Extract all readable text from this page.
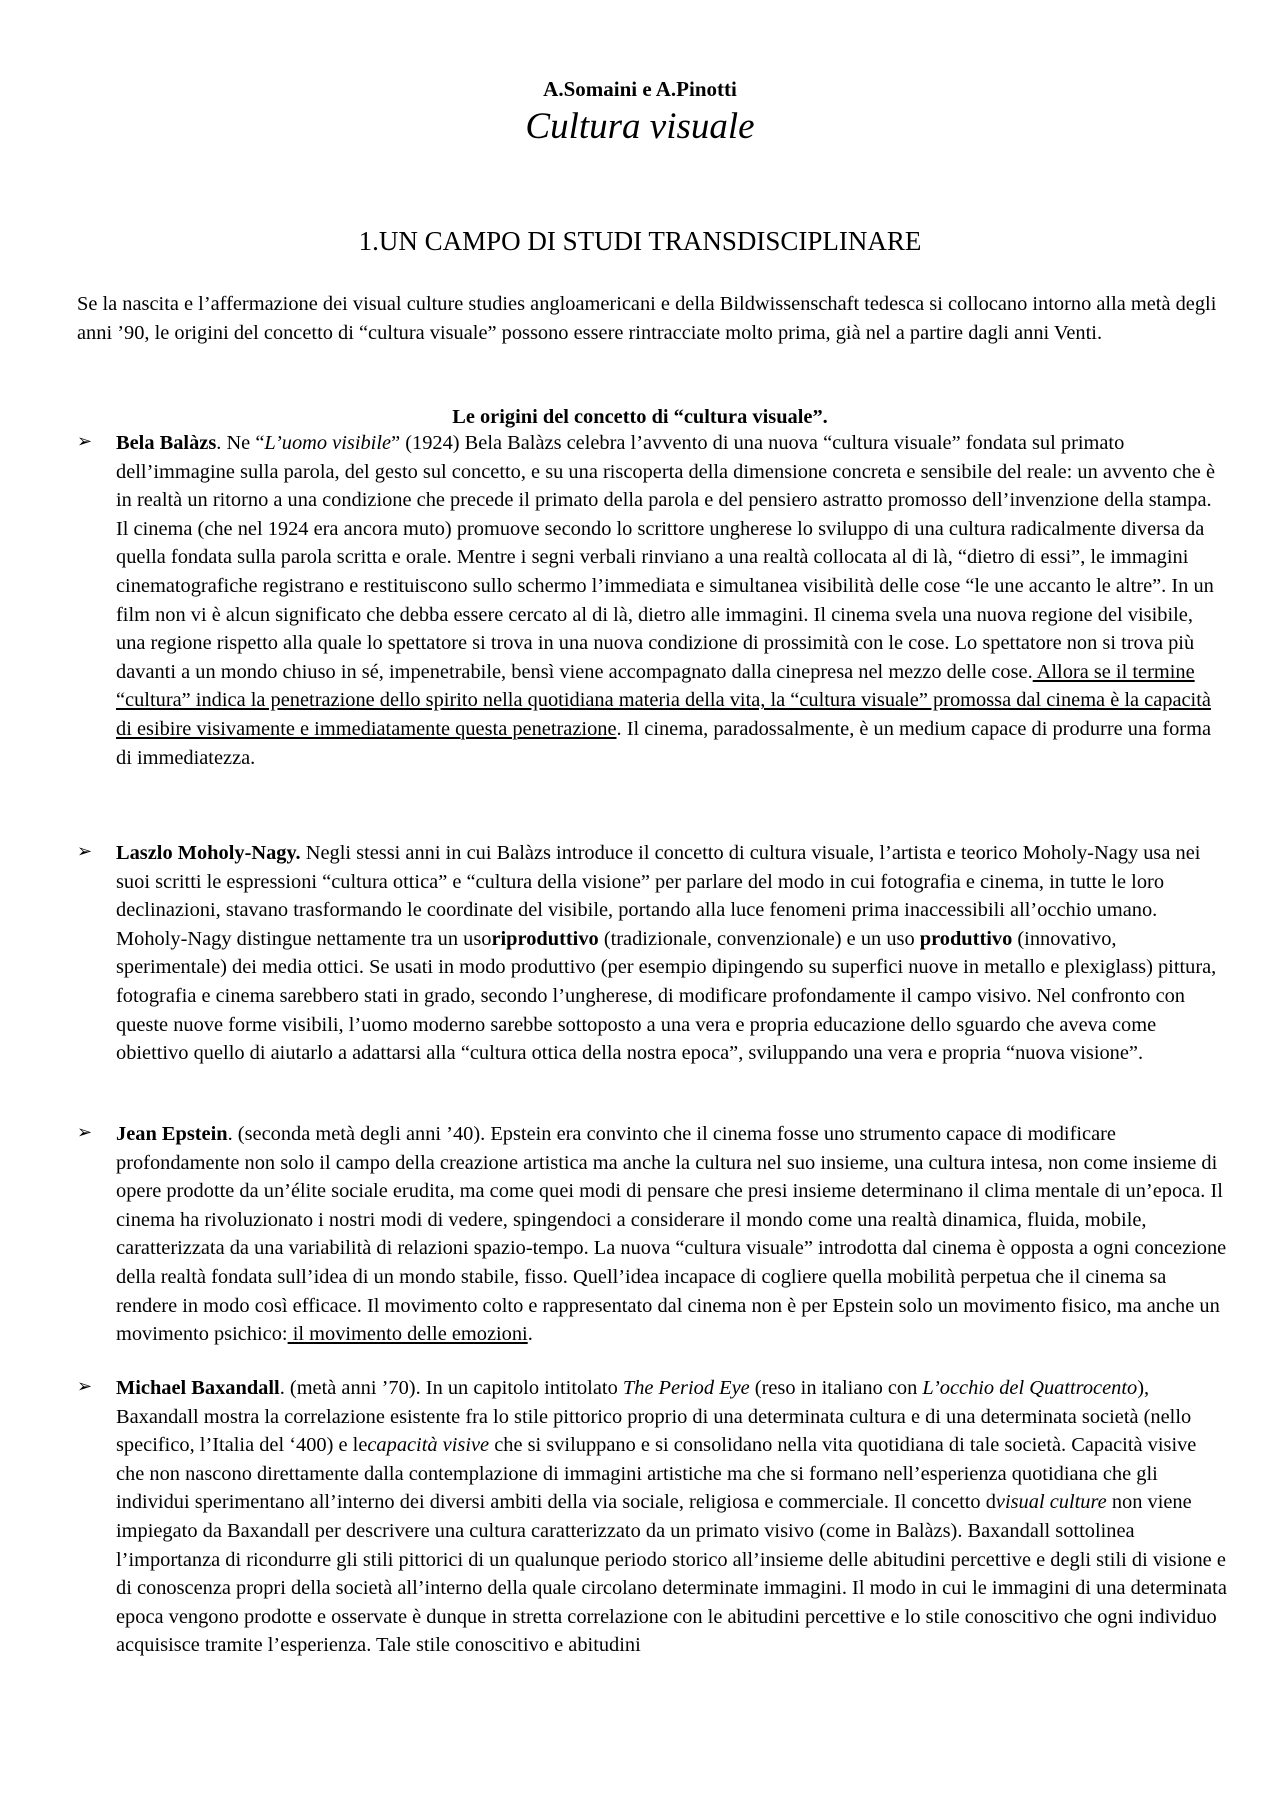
A.Somaini e A.Pinotti
Cultura visuale
1.UN CAMPO DI STUDI TRANSDISCIPLINARE
Se la nascita e l’affermazione dei visual culture studies angloamericani e della Bildwissenschaft tedesca si collocano intorno alla metà degli anni ’90, le origini del concetto di “cultura visuale” possono essere rintracciate molto prima, già nel a partire dagli anni Venti.
Le origini del concetto di “cultura visuale”.
➢ Bela Balàzs. Ne “L’uomo visibile” (1924) Bela Balàzs celebra l’avvento di una nuova “cultura visuale” fondata sul primato dell’immagine sulla parola, del gesto sul concetto, e su una riscoperta della dimensione concreta e sensibile del reale: un avvento che è in realtà un ritorno a una condizione che precede il primato della parola e del pensiero astratto promosso dell’invenzione della stampa. Il cinema (che nel 1924 era ancora muto) promuove secondo lo scrittore ungherese lo sviluppo di una cultura radicalmente diversa da quella fondata sulla parola scritta e orale. Mentre i segni verbali rinviano a una realtà collocata al di là, “dietro di essi”, le immagini cinematografiche registrano e restituiscono sullo schermo l’immediata e simultanea visibilità delle cose “le une accanto le altre”. In un film non vi è alcun significato che debba essere cercato al di là, dietro alle immagini. Il cinema svela una nuova regione del visibile, una regione rispetto alla quale lo spettatore si trova in una nuova condizione di prossimità con le cose. Lo spettatore non si trova più davanti a un mondo chiuso in sé, impenetrabile, bensì viene accompagnato dalla cinepresa nel mezzo delle cose. Allora se il termine “cultura” indica la penetrazione dello spirito nella quotidiana materia della vita, la “cultura visuale” promossa dal cinema è la capacità di esibire visivamente e immediatamente questa penetrazione. Il cinema, paradossalmente, è un medium capace di produrre una forma di immediatezza.
➢ Laszlo Moholy-Nagy. Negli stessi anni in cui Balàzs introduce il concetto di cultura visuale, l’artista e teorico Moholy-Nagy usa nei suoi scritti le espressioni “cultura ottica” e “cultura della visione” per parlare del modo in cui fotografia e cinema, in tutte le loro declinazioni, stavano trasformando le coordinate del visibile, portando alla luce fenomeni prima inaccessibili all’occhio umano. Moholy-Nagy distingue nettamente tra un usoriproduttivo (tradizionale, convenzionale) e un uso produttivo (innovativo, sperimentale) dei media ottici. Se usati in modo produttivo (per esempio dipingendo su superfici nuove in metallo e plexiglass) pittura, fotografia e cinema sarebbero stati in grado, secondo l’ungherese, di modificare profondamente il campo visivo. Nel confronto con queste nuove forme visibili, l’uomo moderno sarebbe sottoposto a una vera e propria educazione dello sguardo che aveva come obiettivo quello di aiutarlo a adattarsi alla “cultura ottica della nostra epoca”, sviluppando una vera e propria “nuova visione”.
➢ Jean Epstein. (seconda metà degli anni ’40). Epstein era convinto che il cinema fosse uno strumento capace di modificare profondamente non solo il campo della creazione artistica ma anche la cultura nel suo insieme, una cultura intesa, non come insieme di opere prodotte da un’élite sociale erudita, ma come quei modi di pensare che presi insieme determinano il clima mentale di un’epoca. Il cinema ha rivoluzionato i nostri modi di vedere, spingendoci a considerare il mondo come una realtà dinamica, fluida, mobile, caratterizzata da una variabilità di relazioni spazio-tempo. La nuova “cultura visuale” introdotta dal cinema è opposta a ogni concezione della realtà fondata sull’idea di un mondo stabile, fisso. Quell’idea incapace di cogliere quella mobilità perpetua che il cinema sa rendere in modo così efficace. Il movimento colto e rappresentato dal cinema non è per Epstein solo un movimento fisico, ma anche un movimento psichico: il movimento delle emozioni.
➢ Michael Baxandall. (metà anni ’70). In un capitolo intitolato The Period Eye (reso in italiano con L’occhio del Quattrocento), Baxandall mostra la correlazione esistente fra lo stile pittorico proprio di una determinata cultura e di una determinata società (nello specifico, l’Italia del ‘400) e lecapacità visive che si sviluppano e si consolidano nella vita quotidiana di tale società. Capacità visive che non nascono direttamente dalla contemplazione di immagini artistiche ma che si formano nell’esperienza quotidiana che gli individui sperimentano all’interno dei diversi ambiti della via sociale, religiosa e commerciale. Il concetto dvisual culture non viene impiegato da Baxandall per descrivere una cultura caratterizzato da un primato visivo (come in Balàzs). Baxandall sottolinea l’importanza di ricondurre gli stili pittorici di un qualunque periodo storico all’insieme delle abitudini percettive e degli stili di visione e di conoscenza propri della società all’interno della quale circolano determinate immagini. Il modo in cui le immagini di una determinata epoca vengono prodotte e osservate è dunque in stretta correlazione con le abitudini percettive e lo stile conoscitivo che ogni individuo acquisisce tramite l’esperienza. Tale stile conoscitivo e abitudini
